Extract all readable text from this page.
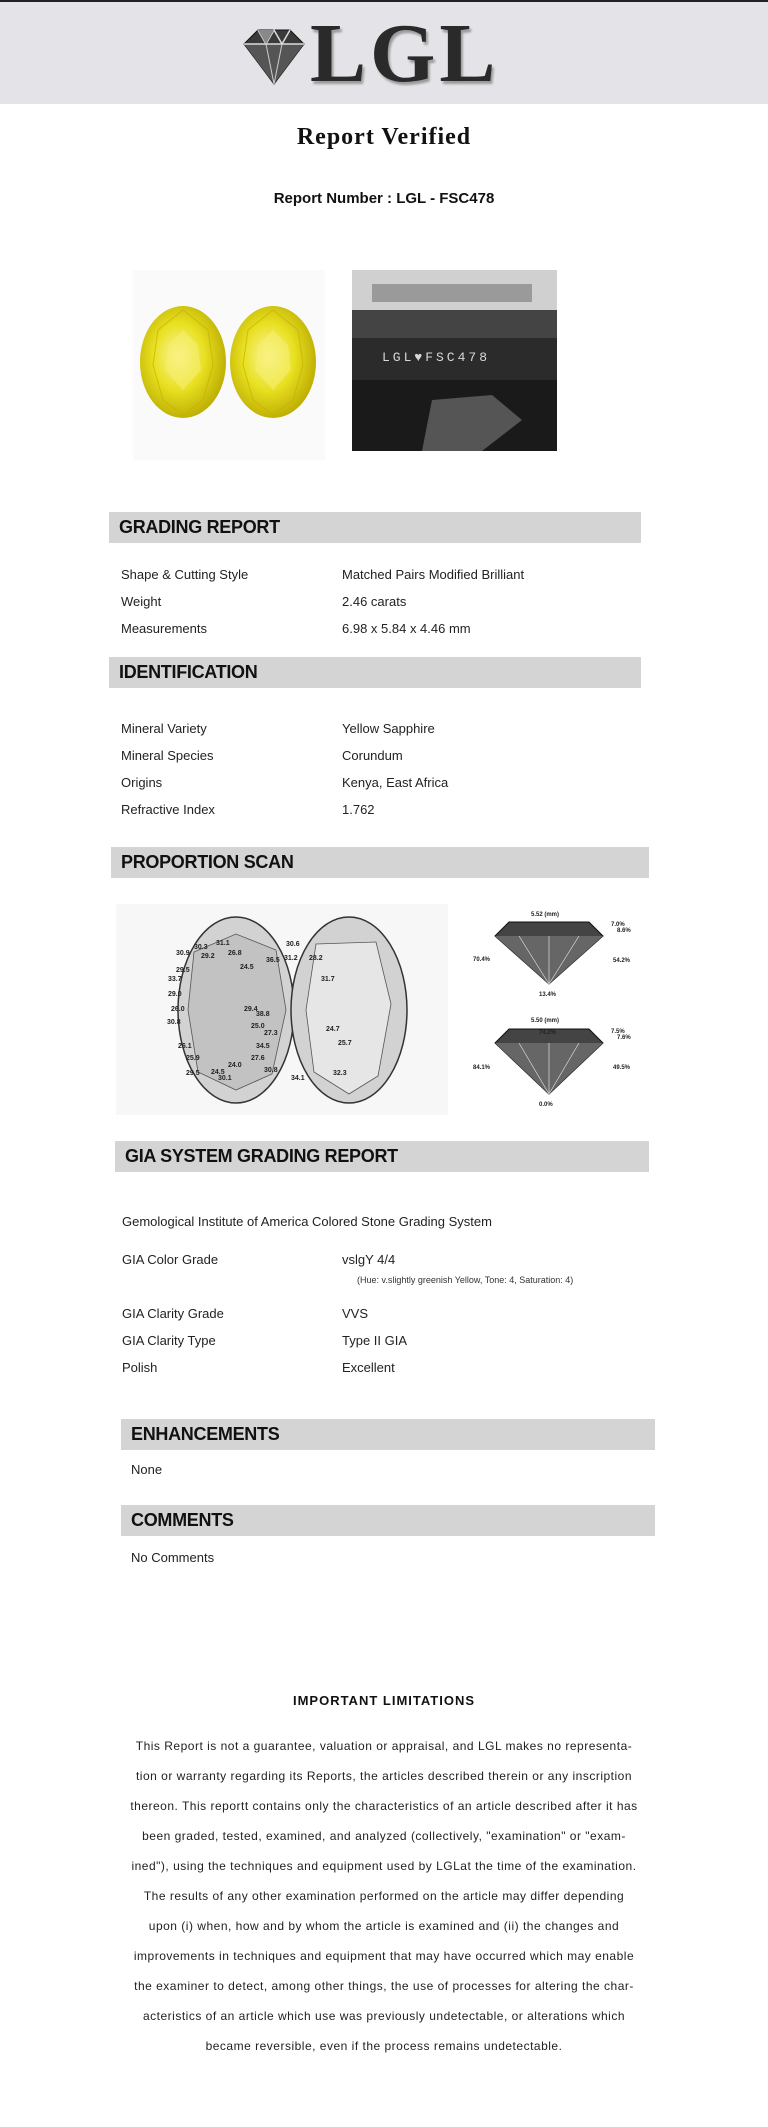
LGL
Report Verified
Report Number : LGL - FSC478
LGL♥FSC478
GRADING REPORT
Shape & Cutting Style	Matched Pairs Modified Brilliant
Weight	2.46 carats
Measurements	6.98 x 5.84 x 4.46 mm
IDENTIFICATION
Mineral Variety	Yellow Sapphire
Mineral Species	Corundum
Origins	Kenya, East Africa
Refractive Index	1.762
PROPORTION SCAN
30.3
31.1
29.2
30.9	26.8
24.5
33.7
29.5
31.2 28.2
29.0
31.7
26.0	29.4
25.0
30.8
24.7
34.5
26.1
27.6
25.9
24.0
29.5 24.5
30.1
38.8
27.3
25.7
32.3
30.8
30.6
34.1
36.5
5.52 (mm)
70.4%
7.0%
8.6%
54.2%
13.4%
5.50 (mm)
74.2%
84.1%
7.5%
7.6%
49.5%
0.0%
GIA SYSTEM GRADING REPORT
Gemological Institute of America Colored Stone Grading System
GIA Color Grade	vslgY 4/4
(Hue: v.slightly greenish Yellow, Tone: 4, Saturation: 4)
GIA Clarity Grade	VVS
GIA Clarity Type	Type II GIA
Polish	Excellent
ENHANCEMENTS
None
COMMENTS
No Comments
IMPORTANT LIMITATIONS
This Report is not a guarantee, valuation or appraisal, and LGL makes no representa-
tion or warranty regarding its Reports, the articles described therein or any inscription
thereon. This reportt contains only the characteristics of an article described after it has
been graded, tested, examined, and analyzed (collectively, "examination" or "exam-
ined"), using the techniques and equipment used by LGLat the time of the examination.
The results of any other examination performed on the article may differ depending
upon (i) when, how and by whom the article is examined and (ii) the changes and
improvements in techniques and equipment that may have occurred which may enable
the examiner to detect, among other things, the use of processes for altering the char-
acteristics of an article which use was previously undetectable, or alterations which
became reversible, even if the process remains undetectable.
